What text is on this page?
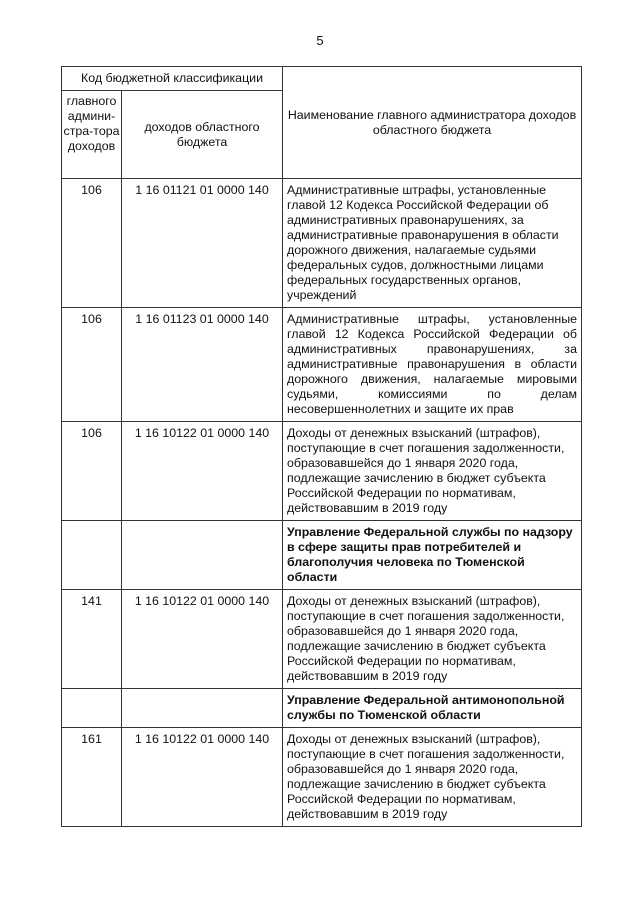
5
Код бюджетной классификации		Наименование главного администратора доходов областного бюджета
главного админи-стра-тора доходов	доходов областного бюджета	
106	1 16 01121 01 0000 140	Административные штрафы, установленные главой 12 Кодекса Российской Федерации об административных правонарушениях, за административные правонарушения в области дорожного движения, налагаемые судьями федеральных судов, должностными лицами федеральных государственных органов, учреждений
106	1 16 01123 01 0000 140	Административные штрафы, установленные главой 12 Кодекса Российской Федерации об административных правонарушениях, за административные правонарушения в области дорожного движения, налагаемые мировыми судьями, комиссиями по делам несовершеннолетних и защите их прав
106	1 16 10122 01 0000 140	Доходы от денежных взысканий (штрафов), поступающие в счет погашения задолженности, образовавшейся до 1 января 2020 года, подлежащие зачислению в бюджет субъекта Российской Федерации по нормативам, действовавшим в 2019 году
		Управление Федеральной службы по надзору в сфере защиты прав потребителей и благополучия человека по Тюменской области
141	1 16 10122 01 0000 140	Доходы от денежных взысканий (штрафов), поступающие в счет погашения задолженности, образовавшейся до 1 января 2020 года, подлежащие зачислению в бюджет субъекта Российской Федерации по нормативам, действовавшим в 2019 году
		Управление Федеральной антимонопольной службы по Тюменской области
161	1 16 10122 01 0000 140	Доходы от денежных взысканий (штрафов), поступающие в счет погашения задолженности, образовавшейся до 1 января 2020 года, подлежащие зачислению в бюджет субъекта Российской Федерации по нормативам, действовавшим в 2019 году
